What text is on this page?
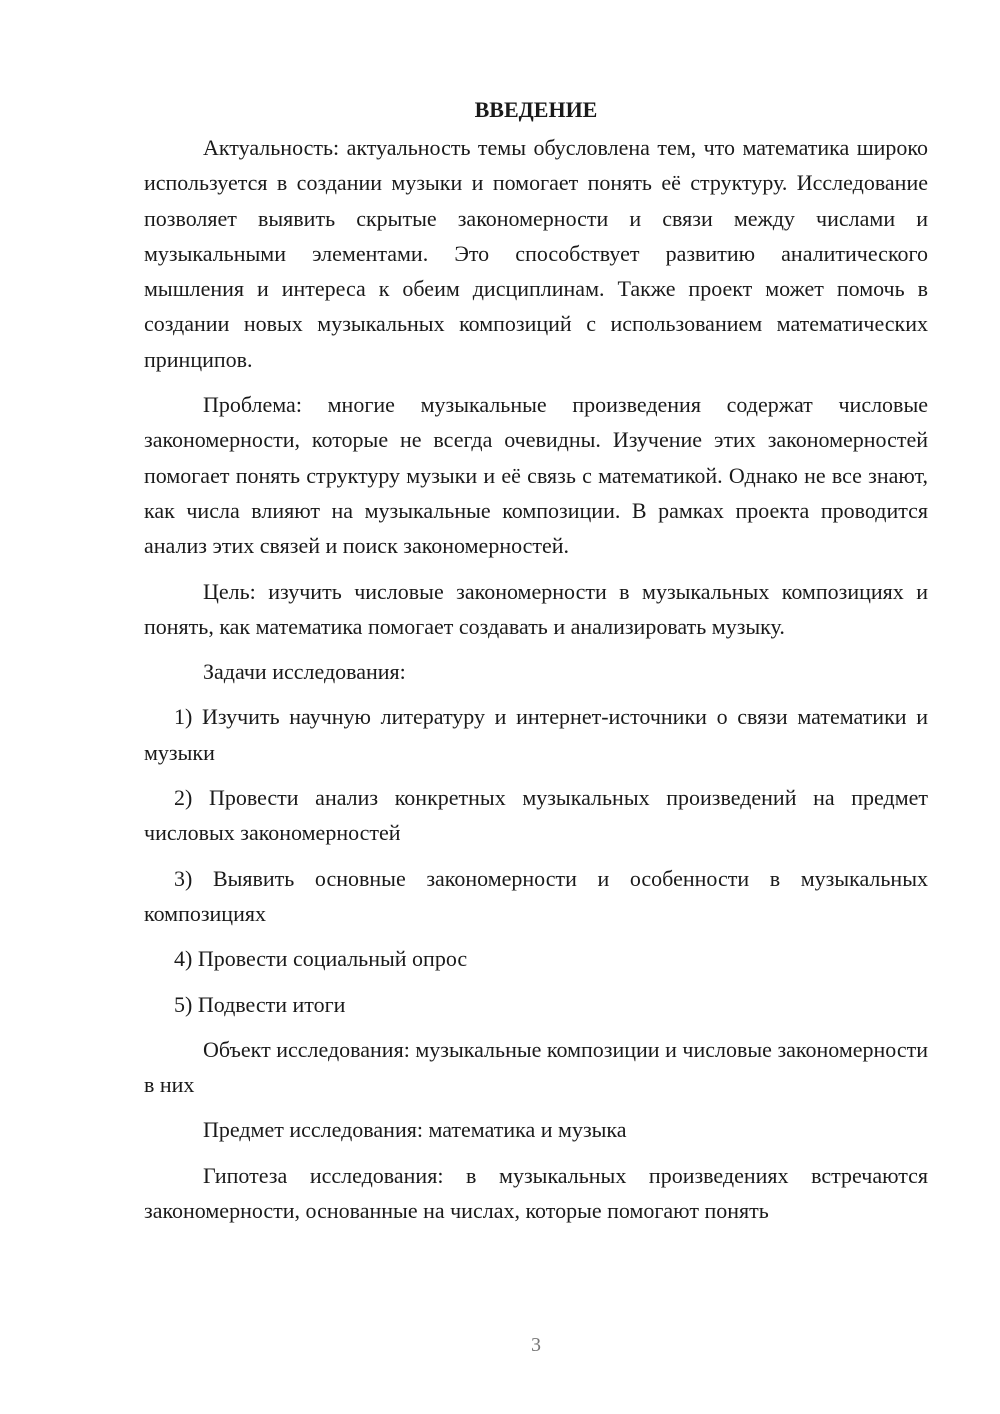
ВВЕДЕНИЕ

Актуальность: актуальность темы обусловлена тем, что математика широко используется в создании музыки и помогает понять её структуру. Исследование позволяет выявить скрытые закономерности и связи между числами и музыкальными элементами. Это способствует развитию аналитического мышления и интереса к обеим дисциплинам. Также проект может помочь в создании новых музыкальных композиций с использованием математических принципов.

Проблема: многие музыкальные произведения содержат числовые закономерности, которые не всегда очевидны. Изучение этих закономерностей помогает понять структуру музыки и её связь с математикой. Однако не все знают, как числа влияют на музыкальные композиции. В рамках проекта проводится анализ этих связей и поиск закономерностей.

Цель: изучить числовые закономерности в музыкальных композициях и понять, как математика помогает создавать и анализировать музыку.

Задачи исследования:

1) Изучить научную литературу и интернет-источники о связи математики и музыки

2) Провести анализ конкретных музыкальных произведений на предмет числовых закономерностей

3) Выявить основные закономерности и особенности в музыкальных композициях

4) Провести социальный опрос

5) Подвести итоги

Объект исследования: музыкальные композиции и числовые закономерности в них

Предмет исследования: математика и музыка

Гипотеза исследования: в музыкальных произведениях встречаются закономерности, основанные на числах, которые помогают понять

3
